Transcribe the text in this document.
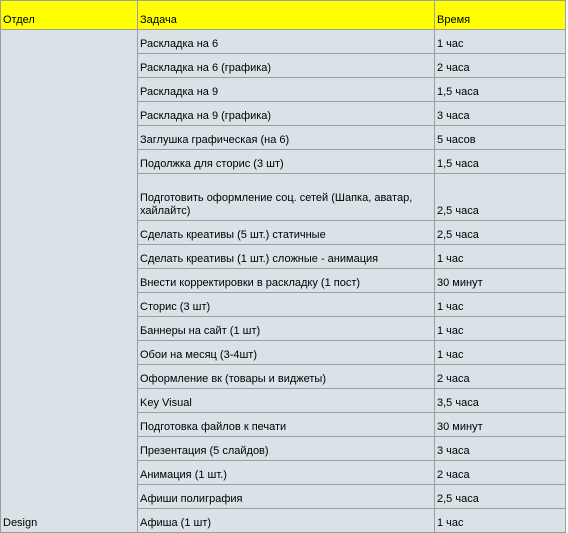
Отдел	Задача	Время
Design	Раскладка на 6	1 час
	Раскладка на 6 (графика)	2 часа
	Раскладка на 9	1,5 часа
	Раскладка на 9 (графика)	3 часа
	Заглушка графическая (на 6)	5 часов
	Подолжка для сторис (3 шт)	1,5 часа
	Подготовить оформление соц. сетей (Шапка, аватар, хайлайтс)	2,5 часа
	Сделать креативы (5 шт.) статичные	2,5 часа
	Сделать креативы (1 шт.) сложные - анимация	1 час
	Внести корректировки в раскладку (1 пост)	30 минут
	Сторис (3 шт)	1 час
	Баннеры на сайт (1 шт)	1 час
	Обои на месяц (3-4шт)	1 час
	Оформление вк (товары и виджеты)	2 часа
	Key Visual	3,5 часа
	Подготовка файлов к печати	30 минут
	Презентация (5 слайдов)	3 часа
	Анимация (1 шт.)	2 часа
	Афиши полиграфия	2,5 часа
	Афиша (1 шт)	1 час
